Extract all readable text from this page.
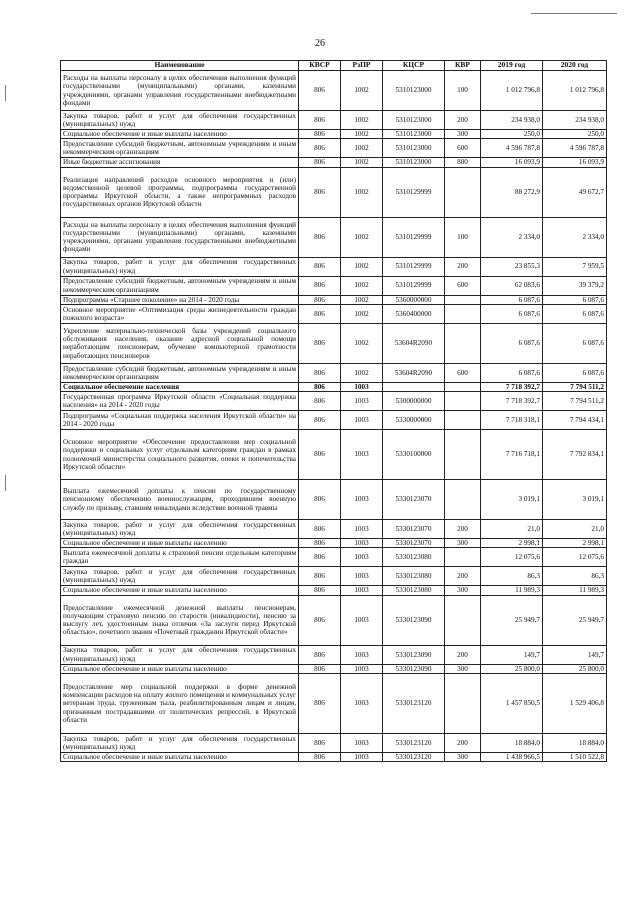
26
Наименование	КВСР	РзПР	КЦСР	КВР	2019 год	2020 год
Расходы на выплаты персоналу в целях обеспечения выполнения функций государственными (муниципальными) органами, казенными учреждениями, органами управления государственными внебюджетными фондами	806	1002	5310123000	100	1 012 796,8	1 012 796,8
Закупка товаров, работ и услуг для обеспечения государственных (муниципальных) нужд	806	1002	5310123000	200	234 938,0	234 938,0
Социальное обеспечение и иные выплаты населению	806	1002	5310123000	300	250,0	250,0
Предоставление субсидий бюджетным, автономным учреждениям и иным некоммерческим организациям	806	1002	5310123000	600	4 596 787,8	4 596 787,8
Иные бюджетные ассигнования	806	1002	5310123000	800	16 093,9	16 093,9
Реализация направлений расходов основного мероприятия и (или) ведомственной целевой программы, подпрограммы государственной программы Иркутской области, а также непрограммных расходов государственных органов Иркутской области	806	1002	5310129999		88 272,9	49 672,7
Расходы на выплаты персоналу в целях обеспечения выполнения функций государственными (муниципальными) органами, казенными учреждениями, органами управления государственными внебюджетными фондами	806	1002	5310129999	100	2 334,0	2 334,0
Закупка товаров, работ и услуг для обеспечения государственных (муниципальных) нужд	806	1002	5310129999	200	23 855,3	7 959,5
Предоставление субсидий бюджетным, автономным учреждениям и иным некоммерческим организациям	806	1002	5310129999	600	62 083,6	39 379,2
Подпрограмма «Старшее поколение» на 2014 - 2020 годы	806	1002	5360000000		6 087,6	6 087,6
Основное мероприятие «Оптимизация среды жизнедеятельности граждан пожилого возраста»	806	1002	5360400000		6 087,6	6 087,6
Укрепление материально-технической базы учреждений социального обслуживания населения, оказание адресной социальной помощи неработающим пенсионерам, обучение компьютерной грамотности неработающих пенсионеров	806	1002	53604R2090		6 087,6	6 087,6
Предоставление субсидий бюджетным, автономным учреждениям и иным некоммерческим организациям	806	1002	53604R2090	600	6 087,6	6 087,6
Социальное обеспечение населения	806	1003			7 718 392,7	7 794 511,2
Государственная программа Иркутской области «Социальная поддержка населения» на 2014 - 2020 годы	806	1003	5300000000		7 718 392,7	7 794 511,2
Подпрограмма «Социальная поддержка населения Иркутской области» на 2014 - 2020 годы	806	1003	5330000000		7 718 318,1	7 794 434,1
Основное мероприятие «Обеспечение предоставления мер социальной поддержки и социальных услуг отдельным категориям граждан в рамках полномочий министерства социального развития, опеки и попечительства Иркутской области»	806	1003	5330100000		7 716 718,1	7 792 834,1
Выплата ежемесячной доплаты к пенсии по государственному пенсионному обеспечению военнослужащим, проходившим военную службу по призыву, ставшим инвалидами вследствие военной травмы	806	1003	5330123070		3 019,1	3 019,1
Закупка товаров, работ и услуг для обеспечения государственных (муниципальных) нужд	806	1003	5330123070	200	21,0	21,0
Социальное обеспечение и иные выплаты населению	806	1003	5330123070	300	2 998,1	2 998,1
Выплата ежемесячной доплаты к страховой пенсии отдельным категориям граждан	806	1003	5330123080		12 075,6	12 075,6
Закупка товаров, работ и услуг для обеспечения государственных (муниципальных) нужд	806	1003	5330123080	200	86,3	86,3
Социальное обеспечение и иные выплаты населению	806	1003	5330123080	300	11 989,3	11 989,3
Предоставление ежемесячной денежной выплаты пенсионерам, получающим страховую пенсию по старости (инвалидности), пенсию за выслугу лет, удостоенным знака отличия «За заслуги перед Иркутской областью», почетного звания «Почетный гражданин Иркутской области»	806	1003	5330123090		25 949,7	25 949,7
Закупка товаров, работ и услуг для обеспечения государственных (муниципальных) нужд	806	1003	5330123090	200	149,7	149,7
Социальное обеспечение и иные выплаты населению	806	1003	5330123090	300	25 800,0	25 800,0
Предоставление мер социальной поддержки в форме денежной компенсации расходов на оплату жилого помещения и коммунальных услуг ветеранам труда, труженикам тыла, реабилитированным лицам и лицам, признанным пострадавшими от политических репрессий, в Иркутской области	806	1003	5330123120		1 457 850,5	1 529 406,8
Закупка товаров, работ и услуг для обеспечения государственных (муниципальных) нужд	806	1003	5330123120	200	18 884,0	18 884,0
Социальное обеспечение и иные выплаты населению	806	1003	5330123120	300	1 438 966,5	1 510 522,8
